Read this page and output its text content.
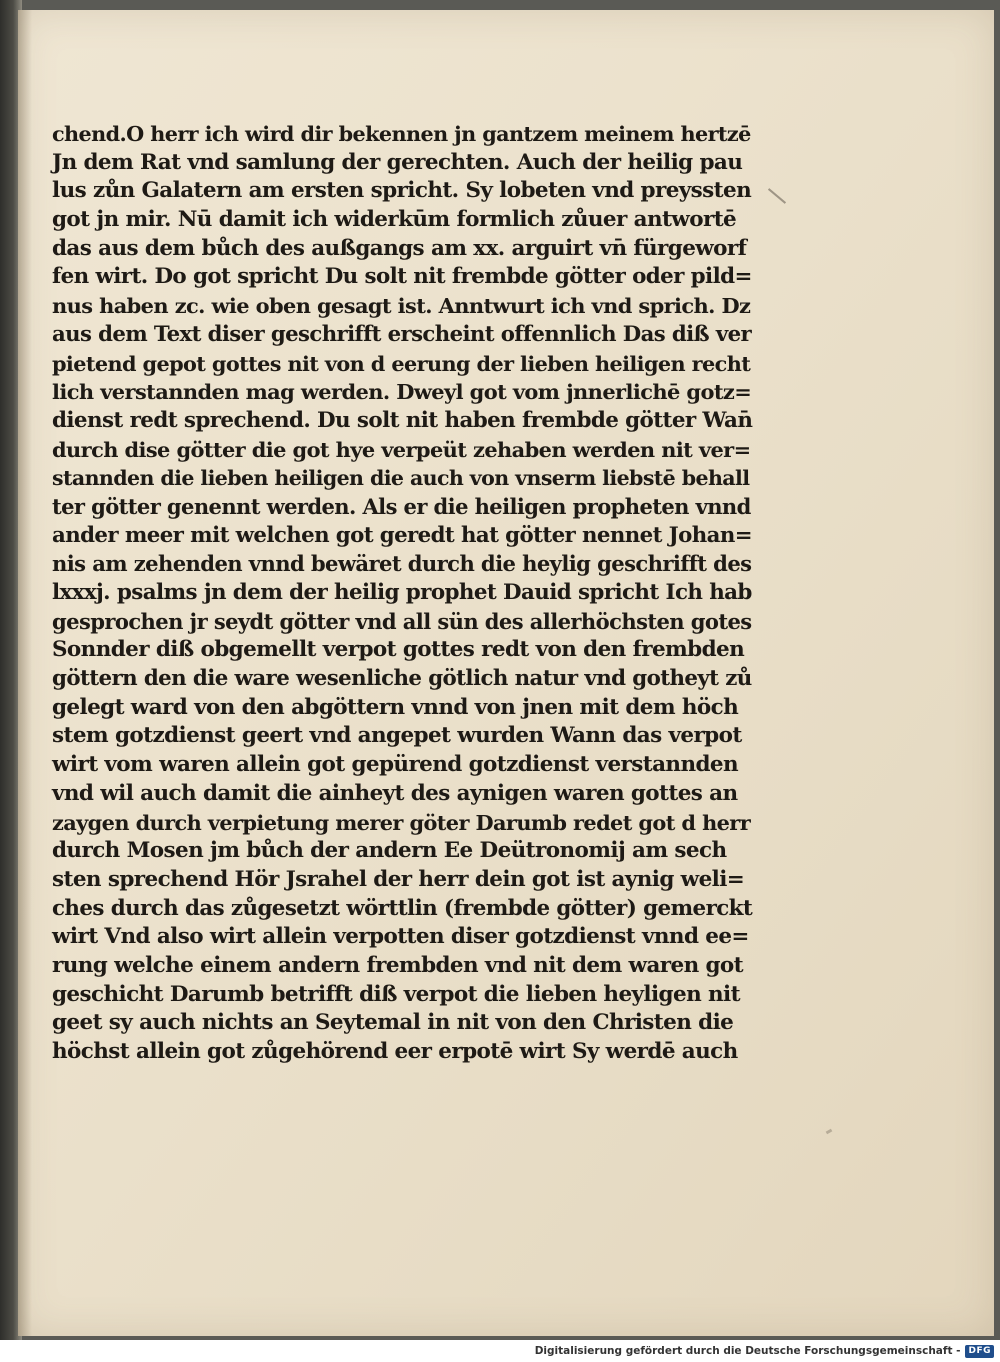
chend.O herr ich wird dir bekennen jn gantzem meinem hertzē
Jn dem Rat vnd samlung der gerechten. Auch der heilig pau
lus zůn Galatern am ersten spricht. Sy lobeten vnd preyssten
got jn mir. Nū damit ich widerkūm formlich zůuer antwortē
das aus dem bůch des außgangs am xx. arguirt vn̄ fürgeworf
fen wirt. Do got spricht Du solt nit frembde götter oder pild=
nus haben zc. wie oben gesagt ist. Anntwurt ich vnd sprich. Dz
aus dem Text diser geschrifft erscheint offennlich Das diß ver
pietend gepot gottes nit von d eerung der lieben heiligen recht
lich verstannden mag werden. Dweyl got vom jnnerlichē gotz=
dienst redt sprechend. Du solt nit haben frembde götter Wan̄
durch dise götter die got hye verpeüt zehaben werden nit ver=
stannden die lieben heiligen die auch von vnserm liebstē behall
ter götter genennt werden. Als er die heiligen propheten vnnd
ander meer mit welchen got geredt hat götter nennet Johan=
nis am zehenden vnnd bewäret durch die heylig geschrifft des
lxxxj. psalms jn dem der heilig prophet Dauid spricht Ich hab
gesprochen jr seydt götter vnd all sün des allerhöchsten gotes
Sonnder diß obgemellt verpot gottes redt von den frembden
göttern den die ware wesenliche götlich natur vnd gotheyt zů
gelegt ward von den abgöttern vnnd von jnen mit dem höch
stem gotzdienst geert vnd angepet wurden Wann das verpot
wirt vom waren allein got gepürend gotzdienst verstannden
vnd wil auch damit die ainheyt des aynigen waren gottes an
zaygen durch verpietung merer göter Darumb redet got d herr
durch Mosen jm bůch der andern Ee Deütronomij am sech
sten sprechend Hör Jsrahel der herr dein got ist aynig weli=
ches durch das zůgesetzt wörttlin (frembde götter) gemerckt
wirt Vnd also wirt allein verpotten diser gotzdienst vnnd ee=
rung welche einem andern frembden vnd nit dem waren got
geschicht Darumb betrifft diß verpot die lieben heyligen nit
geet sy auch nichts an Seytemal in nit von den Christen die
höchst allein got zůgehörend eer erpotē wirt Sy werdē auch
Digitalisierung gefördert durch die Deutsche Forschungsgemeinschaft - DFG
